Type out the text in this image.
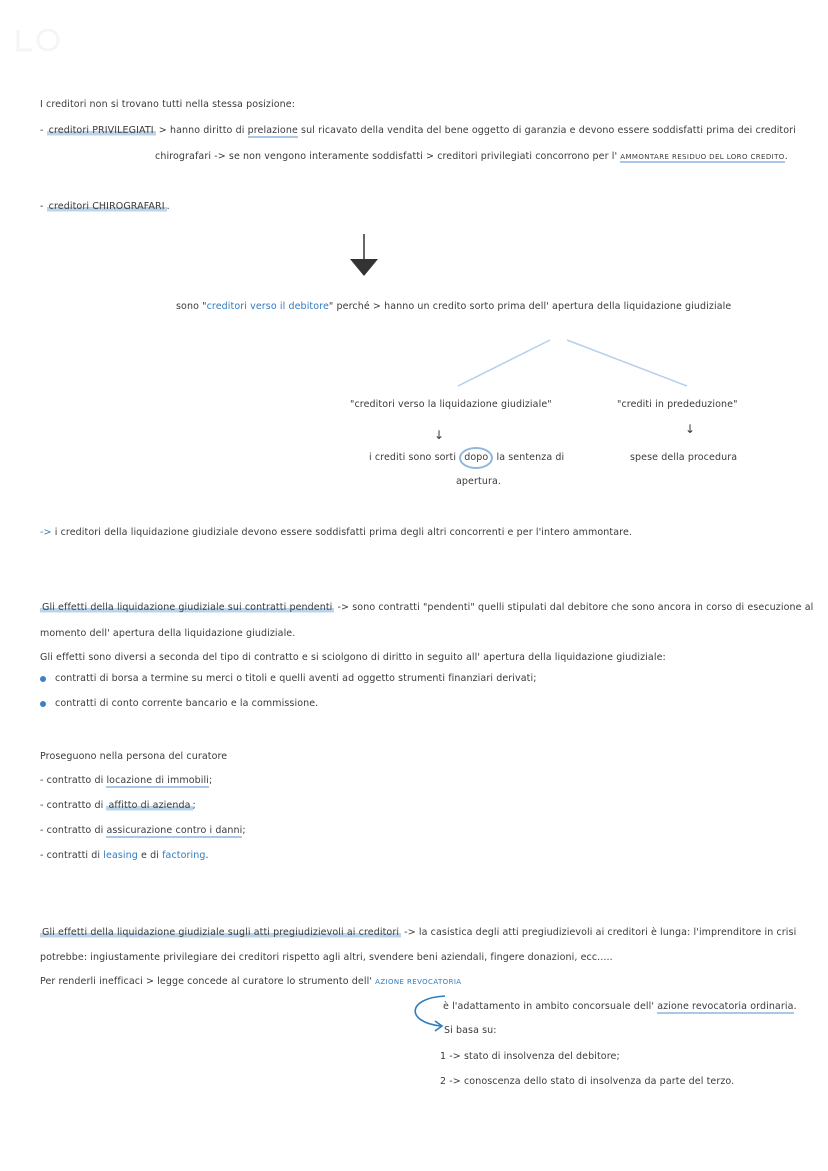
I creditori non si trovano tutti nella stessa posizione:
- creditori PRIVILEGIATI > hanno diritto di prelazione sul ricavato della vendita del bene oggetto di garanzia e devono essere soddisfatti prima dei creditori
chirografari -> se non vengono interamente soddisfatti > creditori privilegiati concorrono per l' AMMONTARE RESIDUO DEL LORO CREDITO.
- creditori CHIROGRAFARI .
sono "creditori verso il debitore" perché > hanno un credito sorto prima dell' apertura della liquidazione giudiziale
"creditori verso la liquidazione giudiziale"
↓
i crediti sono sorti dopo la sentenza di
apertura.
"crediti in prededuzione"
↓
spese della procedura
-> i creditori della liquidazione giudiziale devono essere soddisfatti prima degli altri concorrenti e per l'intero ammontare.
Gli effetti della liquidazione giudiziale sui contratti pendenti -> sono contratti "pendenti" quelli stipulati dal debitore che sono ancora in corso di esecuzione al
momento dell' apertura della liquidazione giudiziale.
Gli effetti sono diversi a seconda del tipo di contratto e si sciolgono di diritto in seguito all' apertura della liquidazione giudiziale:
contratti di borsa a termine su merci o titoli e quelli aventi ad oggetto strumenti finanziari derivati;
contratti di conto corrente bancario e la commissione.
Proseguono nella persona del curatore
- contratto di locazione di immobili;
- contratto di affitto di azienda ;
- contratto di assicurazione contro i danni;
- contratti di leasing e di factoring.
Gli effetti della liquidazione giudiziale sugli atti pregiudizievoli ai creditori -> la casistica degli atti pregiudizievoli ai creditori è lunga: l'imprenditore in crisi
potrebbe: ingiustamente privilegiare dei creditori rispetto agli altri, svendere beni aziendali, fingere donazioni, ecc.....
Per renderli inefficaci > legge concede al curatore lo strumento dell' AZIONE REVOCATORIA
è l'adattamento in ambito concorsuale dell' azione revocatoria ordinaria.
Si basa su:
1 -> stato di insolvenza del debitore;
2 -> conoscenza dello stato di insolvenza da parte del terzo.
